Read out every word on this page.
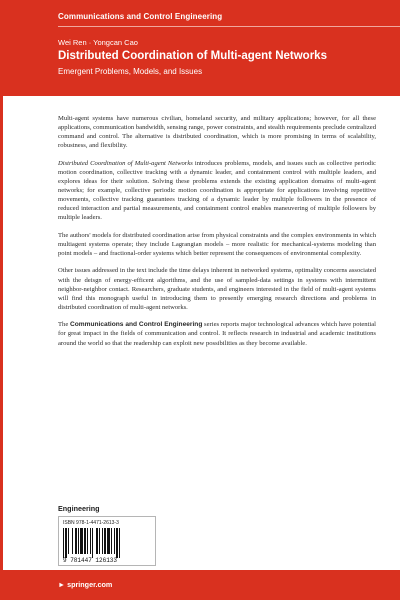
Communications and Control Engineering
Wei Ren · Yongcan Cao
Distributed Coordination of Multi-agent Networks
Emergent Problems, Models, and Issues

Multi-agent systems have numerous civilian, homeland security, and military applications; however, for all these applications, communication bandwidth, sensing range, power constraints, and stealth requirements preclude centralized command and control. The alternative is distributed coordination, which is more promising in terms of scalability, robustness, and flexibility.

Distributed Coordination of Multi-agent Networks introduces problems, models, and issues such as collective periodic motion coordination, collective tracking with a dynamic leader, and containment control with multiple leaders, and explores ideas for their solution. Solving these problems extends the existing application domains of multi-agent networks; for example, collective periodic motion coordination is appropriate for applications involving repetitive movements, collective tracking guarantees tracking of a dynamic leader by multiple followers in the presence of reduced interaction and partial measurements, and containment control enables maneuvering of multiple followers by multiple leaders.

The authors' models for distributed coordination arise from physical constraints and the complex environments in which multiagent systems operate; they include Lagrangian models – more realistic for mechanical-systems modeling than point models – and fractional-order systems which better represent the consequences of environmental complexity.

Other issues addressed in the text include the time delays inherent in networked systems, optimality concerns associated with the deisgn of energy-efficent algorithms, and the use of sampled-data settings in systems with intermittent neighbor-neighbor contact. Researchers, graduate students, and engineers interested in the field of multi-agent systems will find this monograph useful in introducing them to presently emerging research directions and problems in distributed coordination of multi-agent networks.

The Communications and Control Engineering series reports major technological advances which have potential for great impact in the fields of communication and control. It reflects research in industrial and academic institutions around the world so that the readership can exploit new possibilities as they become available.

Engineering
ISBN 978-1-4471-2613-3
9 781447 126133
► springer.com
